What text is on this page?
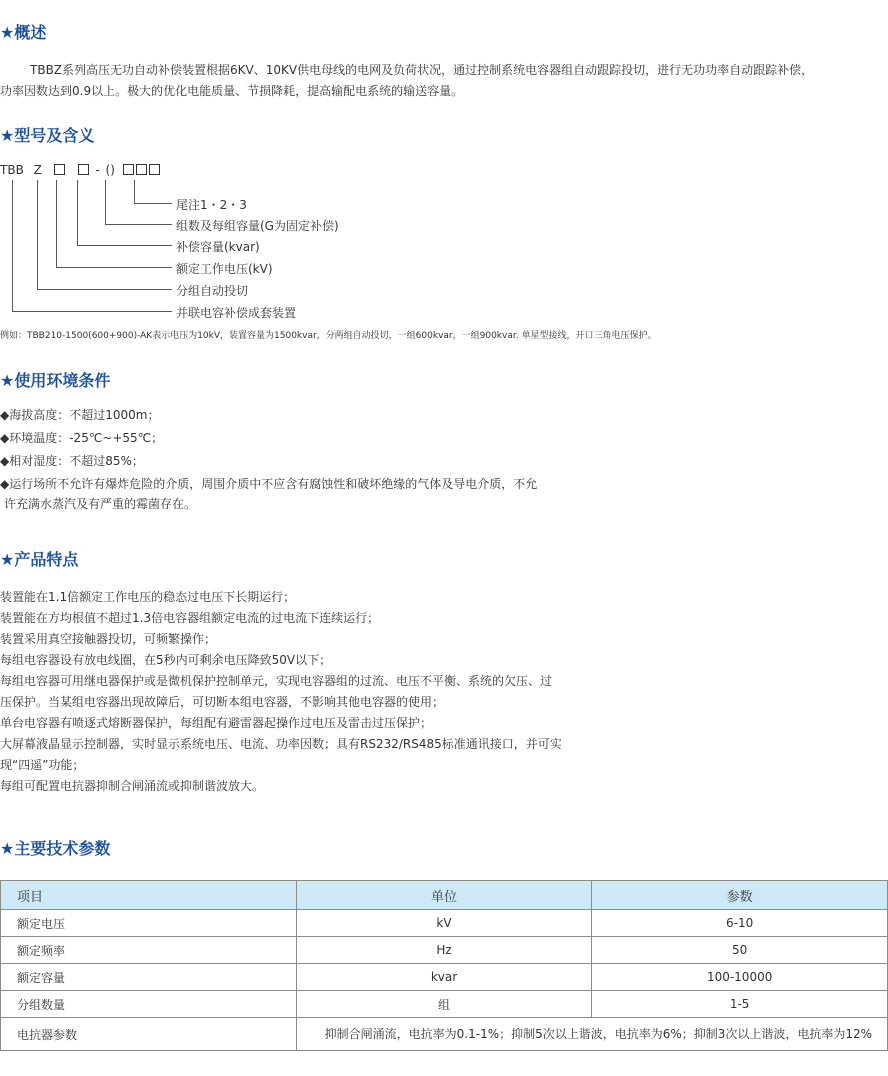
★概述
TBBZ系列高压无功自动补偿装置根据6KV、10KV供电母线的电网及负荷状况，通过控制系统电容器组自动跟踪投切，进行无功功率自动跟踪补偿，
功率因数达到0.9以上。极大的优化电能质量、节损降耗，提高输配电系统的输送容量。
★型号及含义
TBB Z	- ()
尾注1・2・3
组数及每组容量(G为固定补偿)
补偿容量(kvar)
额定工作电压(kV)
分组自动投切
并联电容补偿成套装置
例如：TBB210-1500(600+900)-AK表示电压为10kV，装置容量为1500kvar，分两组自动投切，一组600kvar，一组900kvar. 单星型接线，开口三角电压保护。
★使用环境条件
◆海拔高度：不超过1000m；
◆环境温度：-25℃~+55℃；
◆相对湿度：不超过85%；
◆运行场所不允许有爆炸危险的介质，周围介质中不应含有腐蚀性和破坏绝缘的气体及导电介质，不允
许充满水蒸汽及有严重的霉菌存在。
★产品特点
装置能在1.1倍额定工作电压的稳态过电压下长期运行；
装置能在方均根值不超过1.3倍电容器组额定电流的过电流下连续运行；
装置采用真空接触器投切，可频繁操作；
每组电容器设有放电线圈，在5秒内可剩余电压降致50V以下；
每组电容器可用继电器保护或是微机保护控制单元，实现电容器组的过流、电压不平衡、系统的欠压、过
压保护。当某组电容器出现故障后，可切断本组电容器，不影响其他电容器的使用；
单台电容器有喷逐式熔断器保护，每组配有避雷器起操作过电压及雷击过压保护；
大屏幕液晶显示控制器，实时显示系统电压、电流、功率因数；具有RS232/RS485标准通讯接口，并可实
现“四遥”功能；
每组可配置电抗器抑制合闸涌流或抑制谐波放大。
★主要技术参数
项目	单位	参数
额定电压	kV	6-10
额定频率	Hz	50
额定容量	kvar	100-10000
分组数量	组	1-5
电抗器参数	抑制合闸涌流，电抗率为0.1-1%；抑制5次以上谐波，电抗率为6%；抑制3次以上谐波，电抗率为12%	
